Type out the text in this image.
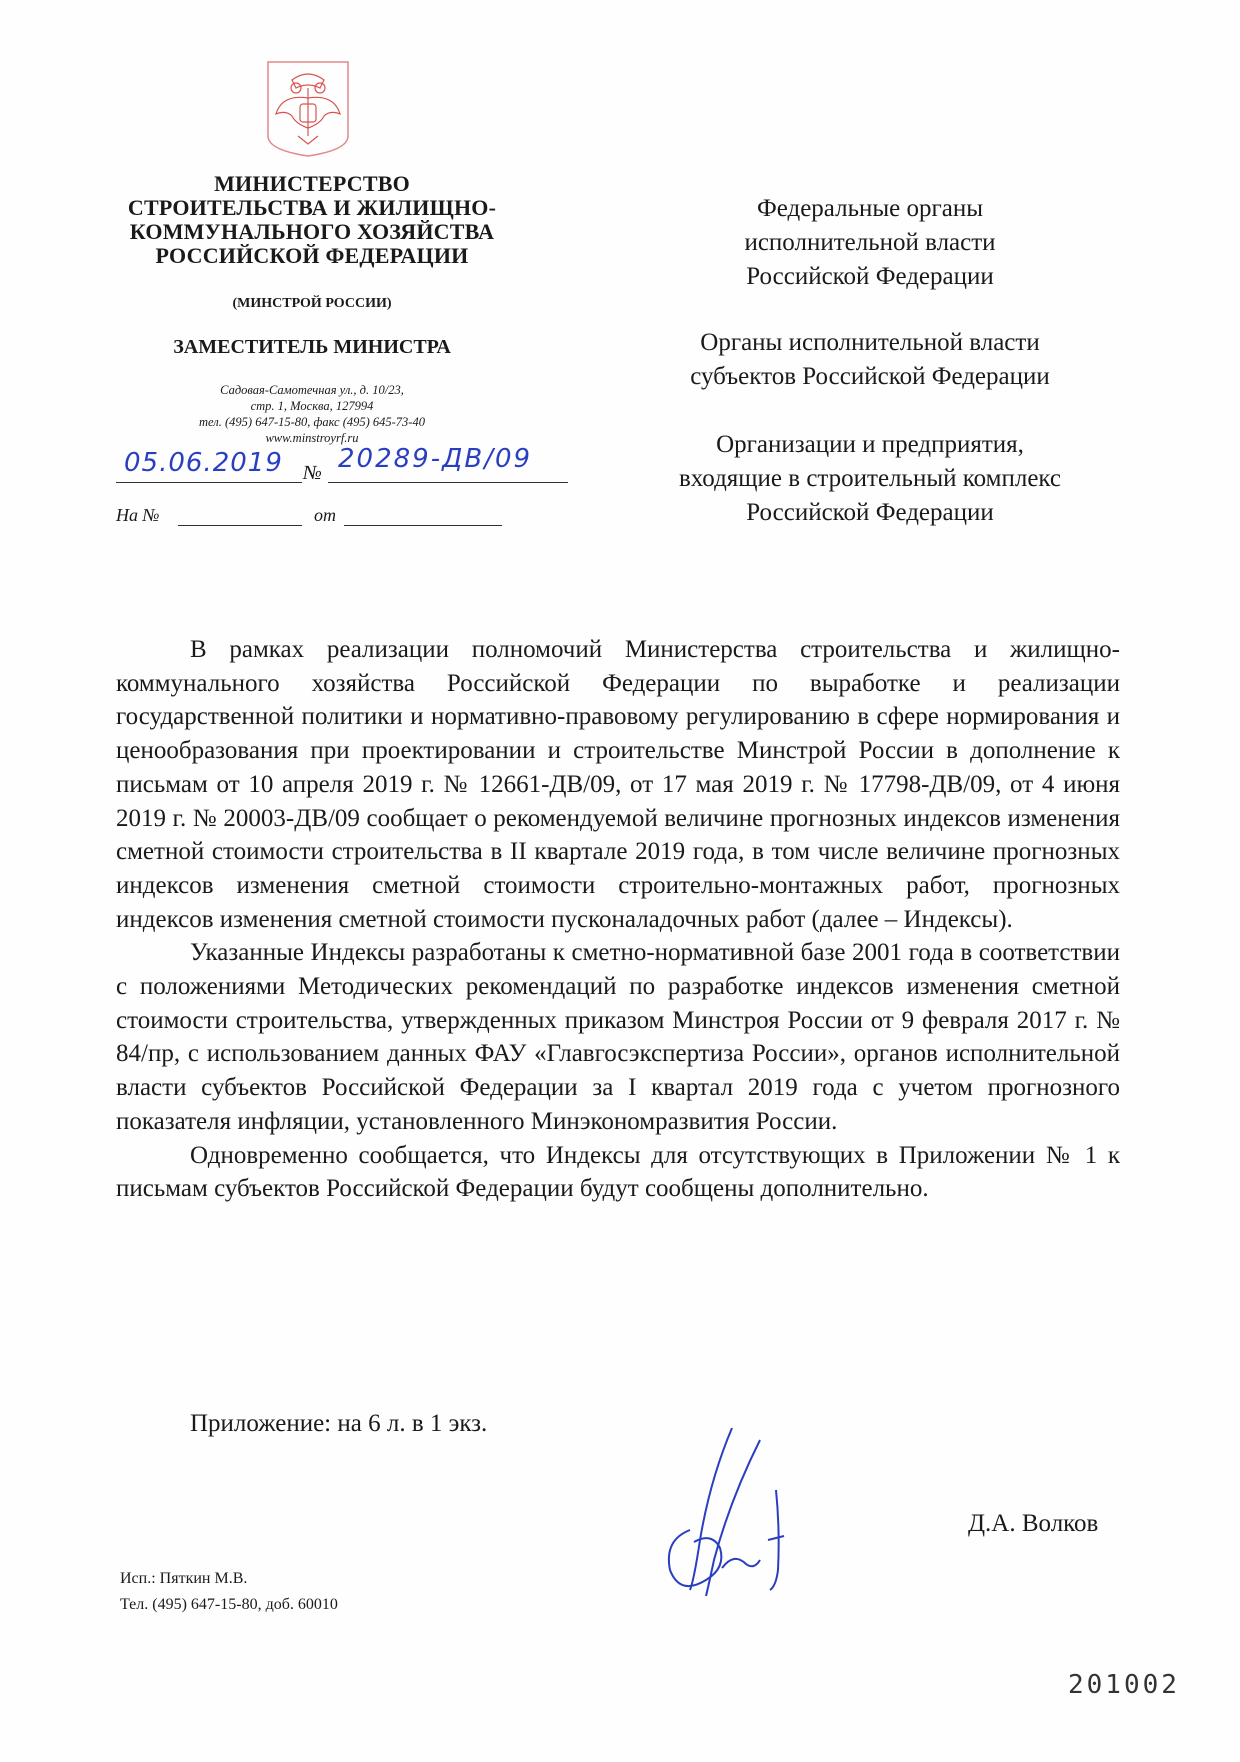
МИНИСТЕРСТВО
СТРОИТЕЛЬСТВА И ЖИЛИЩНО-
КОММУНАЛЬНОГО ХОЗЯЙСТВА
РОССИЙСКОЙ ФЕДЕРАЦИИ
(МИНСТРОЙ РОССИИ)
ЗАМЕСТИТЕЛЬ МИНИСТРА
Садовая-Самотечная ул., д. 10/23,
стр. 1, Москва, 127994
тел. (495) 647-15-80, факс (495) 645-73-40
www.minstroyrf.ru
05.06.2019 № 20289-ДВ/09
На №	от
Федеральные органы
исполнительной власти
Российской Федерации
Органы исполнительной власти
субъектов Российской Федерации
Организации и предприятия,
входящие в строительный комплекс
Российской Федерации

В рамках реализации полномочий Министерства строительства и жилищно-коммунального хозяйства Российской Федерации по выработке и реализации государственной политики и нормативно-правовому регулированию в сфере нормирования и ценообразования при проектировании и строительстве Минстрой России в дополнение к письмам от 10 апреля 2019 г. № 12661-ДВ/09, от 17 мая 2019 г. № 17798-ДВ/09, от 4 июня 2019 г. № 20003-ДВ/09 сообщает о рекомендуемой величине прогнозных индексов изменения сметной стоимости строительства в II квартале 2019 года, в том числе величине прогнозных индексов изменения сметной стоимости строительно-монтажных работ, прогнозных индексов изменения сметной стоимости пусконаладочных работ (далее – Индексы).

Указанные Индексы разработаны к сметно-нормативной базе 2001 года в соответствии с положениями Методических рекомендаций по разработке индексов изменения сметной стоимости строительства, утвержденных приказом Минстроя России от 9 февраля 2017 г. № 84/пр, с использованием данных ФАУ «Главгосэкспертиза России», органов исполнительной власти субъектов Российской Федерации за I квартал 2019 года с учетом прогнозного показателя инфляции, установленного Минэкономразвития России.

Одновременно сообщается, что Индексы для отсутствующих в Приложении № 1 к письмам субъектов Российской Федерации будут сообщены дополнительно.

Приложение: на 6 л. в 1 экз.
Д.А. Волков
Исп.: Пяткин М.В.
Тел. (495) 647-15-80, доб. 60010
201002
